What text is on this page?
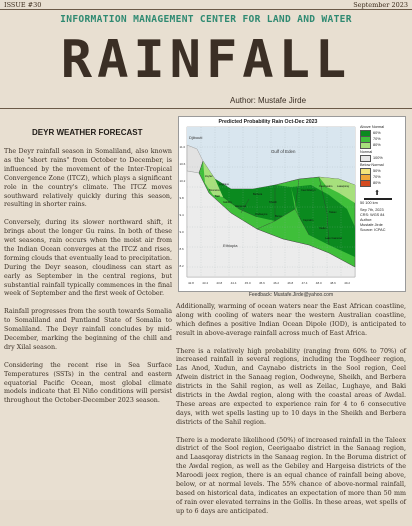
ISSUE #30	September 2023
INFORMATION MANAGEMENT CENTER FOR LAND AND WATER
RAINFALL
Author: Mustafe Jirde
DEYR WEATHER FORECAST

The Deyr rainfall season in Somaliland, also known as the "short rains" from October to December, is influenced by the movement of the Inter-Tropical Convergence Zone (ITCZ), which plays a significant role in the country's climate. The ITCZ moves southward relatively quickly during this season, resulting in shorter rains.

Conversely, during its slower northward shift, it brings about the longer Gu rains. In both of these wet seasons, rain occurs when the moist air from the Indian Ocean converges at the ITCZ and rises, forming clouds that eventually lead to precipitation. During the Deyr season, cloudiness can start as early as September in the central regions, but substantial rainfall typically commences in the final week of September and the first week of October.

Rainfall progresses from the south towards Somalia to Somaliland and Puntland State of Somalia to Somaliland. The Deyr rainfall concludes by mid-December, marking the beginning of the chill and dry Xilal season.

Considering the recent rise in Sea Surface Temperatures (SSTs) in the central and eastern equatorial Pacific Ocean, most global climate models indicate that El Niño conditions will persist throughout the October-December 2023 season.

Predicted Probability Rain Oct-Dec 2023
Djibouti
Gulf of Eden
Ethiopia
Zeylac
Lughaye
Berbera
Sheikh
Ceel Afweyn
Ceerigaabo Laasqoray
Burco
Oodweyne
Caynabo
Xudun
Taleex
Laas Caanood
Hargeysa
Gabiley
Boorama
Baki
42.8	43.4	43.8	44.4	45.0	45.6	46.2	46.8	47.4	48.0	48.6	49.2
11.0
10.6
10.2
9.8
9.4
9.0
8.6
8.2
Above Normal
60%
70%
80%
Normal
100%
Below Normal
50%
70%
80%
⬆
50 100 km
Sep 7th, 2023
CRS: WGS 84
Author:
Mustafe Jirde
Source: ICPAC
Feedback: Mustafe.Jirde@yahoo.com

Additionally, warming of ocean waters near the East African coastline, along with cooling of waters near the western Australian coastline, which defines a positive Indian Ocean Dipole (IOD), is anticipated to result in above-average rainfall across much of East Africa.

There is a relatively high probability (ranging from 60% to 70%) of increased rainfall in several regions, including the Togdheer region, Las Anod, Xudun, and Caynabo districts in the Sool region, Ceel Afwein district in the Sanaag region, Oodweyne, Sheikh, and Berbera districts in the Sahil region, as well as Zeilac, Lughaye, and Baki districts in the Awdal region, along with the coastal areas of Awdal. These areas are expected to experience rain for 4 to 6 consecutive days, with wet spells lasting up to 10 days in the Sheikh and Berbera districts of the Sahil region.

There is a moderate likelihood (50%) of increased rainfall in the Taleex district of the Sool region, Ceerigaabo district in the Sanaag region, and Laasqoray districts in the Sanaag region. In the Boruma district of the Awdal region, as well as the Gebiley and Hargeisa districts of the Maroodi jeex region, there is an equal chance of rainfall being above, below, or at normal levels. The 55% chance of above-normal rainfall, based on historical data, indicates an expectation of more than 50 mm of rain over elevated terrains in the Gollis. In these areas, wet spells of up to 6 days are anticipated.
